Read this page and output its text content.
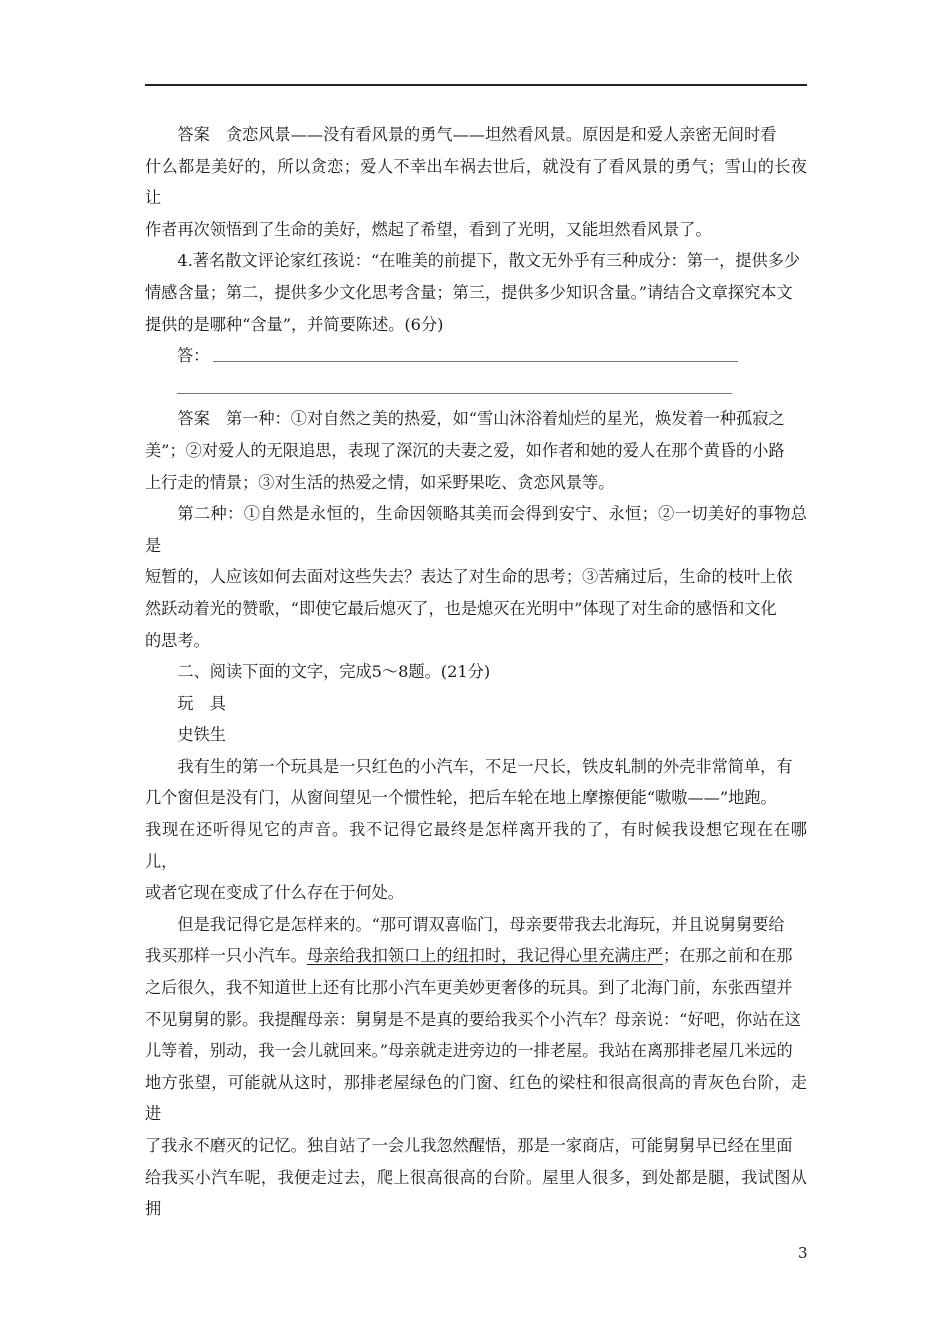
答案　贪恋风景——没有看风景的勇气——坦然看风景。原因是和爱人亲密无间时看

什么都是美好的，所以贪恋；爱人不幸出车祸去世后，就没有了看风景的勇气；雪山的长夜让

作者再次领悟到了生命的美好，燃起了希望，看到了光明，又能坦然看风景了。

4.著名散文评论家红孩说：“在唯美的前提下，散文无外乎有三种成分：第一，提供多少

情感含量；第二，提供多少文化思考含量；第三，提供多少知识含量。”请结合文章探究本文

提供的是哪种“含量”，并简要陈述。(6分)

答：

答案　第一种：①对自然之美的热爱，如“雪山沐浴着灿烂的星光，焕发着一种孤寂之

美”；②对爱人的无限追思，表现了深沉的夫妻之爱，如作者和她的爱人在那个黄昏的小路

上行走的情景；③对生活的热爱之情，如采野果吃、贪恋风景等。

第二种：①自然是永恒的，生命因领略其美而会得到安宁、永恒；②一切美好的事物总是

短暂的，人应该如何去面对这些失去？表达了对生命的思考；③苦痛过后，生命的枝叶上依

然跃动着光的赞歌，“即使它最后熄灭了，也是熄灭在光明中”体现了对生命的感悟和文化

的思考。

二、阅读下面的文字，完成5～8题。(21分)

玩　具

史铁生

我有生的第一个玩具是一只红色的小汽车，不足一尺长，铁皮轧制的外壳非常简单，有

几个窗但是没有门，从窗间望见一个惯性轮，把后车轮在地上摩擦便能“嗷嗷——”地跑。

我现在还听得见它的声音。我不记得它最终是怎样离开我的了，有时候我设想它现在在哪儿，

或者它现在变成了什么存在于何处。

但是我记得它是怎样来的。“那可谓双喜临门，母亲要带我去北海玩，并且说舅舅要给

我买那样一只小汽车。母亲给我扣领口上的纽扣时，我记得心里充满庄严；在那之前和在那

之后很久，我不知道世上还有比那小汽车更美妙更奢侈的玩具。到了北海门前，东张西望并

不见舅舅的影。我提醒母亲：舅舅是不是真的要给我买个小汽车？母亲说：“好吧，你站在这

儿等着，别动，我一会儿就回来。”母亲就走进旁边的一排老屋。我站在离那排老屋几米远的

地方张望，可能就从这时，那排老屋绿色的门窗、红色的梁柱和很高很高的青灰色台阶，走进

了我永不磨灭的记忆。独自站了一会儿我忽然醒悟，那是一家商店，可能舅舅早已经在里面

给我买小汽车呢，我便走过去，爬上很高很高的台阶。屋里人很多，到处都是腿，我试图从拥

3
